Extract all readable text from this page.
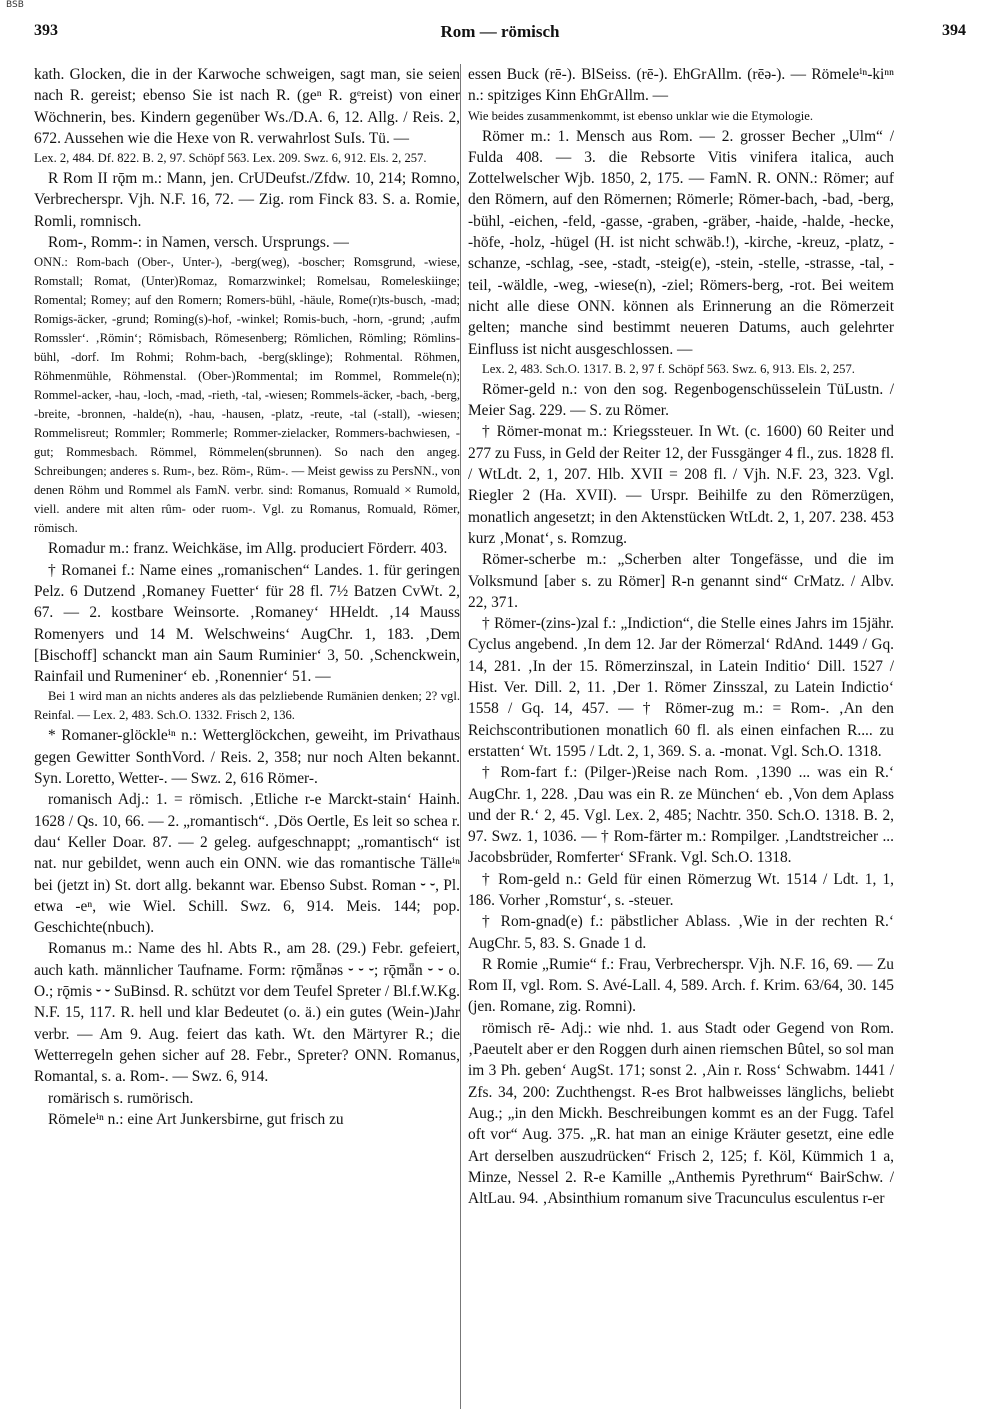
BSB
393	Rom — römisch	394

kath. Glocken, die in der Karwoche schweigen, sagt man, sie seien nach R. gereist; ebenso Sie ist nach R. (geⁿ R. gᵉreist) von einer Wöchnerin, bes. Kindern gegenüber Ws./D.A. 6, 12. Allg. / Reis. 2, 672. Aussehen wie die Hexe von R. verwahrlost SuIs. Tü. —

Lex. 2, 484. Df. 822. B. 2, 97. Schöpf 563. Lex. 209. Swz. 6, 912. Els. 2, 257.

R Rom II rǭm m.: Mann, jen. CrUDeufst./Zfdw. 10, 214; Romno, Verbrecherspr. Vjh. N.F. 16, 72. — Zig. rom Finck 83. S. a. Romie, Romli, romnisch.

Rom-, Romm-: in Namen, versch. Ursprungs. —

ONN.: Rom-bach (Ober-, Unter-), -berg(weg), -boscher; Romsgrund, -wiese, Romstall; Romat, (Unter)Romaz, Romarzwinkel; Romelsau, Romeleskiinge; Romental; Romey; auf den Romern; Romers-bühl, -häule, Rome(r)ts-busch, -mad; Romigs-äcker, -grund; Roming(s)-hof, -winkel; Romis-buch, -horn, -grund; ‚aufm Romssler‘. ‚Römin‘; Römisbach, Römesenberg; Römlichen, Römling; Römlins-bühl, -dorf. Im Rohmi; Rohm-bach, -berg(sklinge); Rohmental. Röhmen, Röhmenmühle, Röhmenstal. (Ober-)Rommental; im Rommel, Rommele(n); Rommel-acker, -hau, -loch, -mad, -rieth, -tal, -wiesen; Rommels-äcker, -bach, -berg, -breite, -bronnen, -halde(n), -hau, -hausen, -platz, -reute, -tal (-stall), -wiesen; Rommelisreut; Rommler; Rommerle; Rommer-zielacker, Rommers-bachwiesen, -gut; Rommesbach. Römmel, Römmelen(sbrunnen). So nach den angeg. Schreibungen; anderes s. Rum-, bez. Röm-, Rüm-. — Meist gewiss zu PersNN., von denen Röhm und Rommel als FamN. verbr. sind: Romanus, Romuald × Rumold, viell. andere mit alten rûm- oder ruom-. Vgl. zu Romanus, Romuald, Römer, römisch.

Romadur m.: franz. Weichkäse, im Allg. produciert Förderr. 403.

† Romanei f.: Name eines „romanischen“ Landes. 1. für geringen Pelz. 6 Dutzend ‚Romaney Fuetter‘ für 28 fl. 7½ Batzen CvWt. 2, 67. — 2. kostbare Weinsorte. ‚Romaney‘ HHeldt. ‚14 Mauss Romenyers und 14 M. Welschweins‘ AugChr. 1, 183. ‚Dem [Bischoff] schanckt man ain Saum Ruminier‘ 3, 50. ‚Schenckwein, Rainfail und Rumeniner‘ eb. ‚Ronennier‘ 51. —

Bei 1 wird man an nichts anderes als das pelzliebende Rumänien denken; 2? vgl. Reinfal. — Lex. 2, 483. Sch.O. 1332. Frisch 2, 136.

* Romaner-glöckleⁱⁿ n.: Wetterglöckchen, geweiht, im Privathaus gegen Gewitter SonthVord. / Reis. 2, 358; nur noch Alten bekannt. Syn. Loretto, Wetter-. — Swz. 2, 616 Römer-.

romanisch Adj.: 1. = römisch. ‚Etliche r-e Marckt-stain‘ Hainh. 1628 / Qs. 10, 66. — 2. „romantisch“. ‚Dös Oertle, Es leit so schea r. dau‘ Keller Doar. 87. — 2 geleg. aufgeschnappt; „romantisch“ ist nat. nur gebildet, wenn auch ein ONN. wie das romantische Tälleⁱⁿ bei (jetzt in) St. dort allg. bekannt war. Ebenso Subst. Roman ⏑ ⏑, Pl. etwa -eⁿ, wie Wiel. Schill. Swz. 6, 914. Meis. 144; pop. Geschichte(nbuch).

Romanus m.: Name des hl. Abts R., am 28. (29.) Febr. gefeiert, auch kath. männlicher Taufname. Form: rǭmǟnǝs ⏑ ⏑ ⏑; rǭmǟn ⏑ ⏑ o. O.; rǭmis ⏑ ⏑ SuBinsd. R. schützt vor dem Teufel Spreter / Bl.f.W.Kg. N.F. 15, 117. R. hell und klar Bedeutet (o. ä.) ein gutes (Wein-)Jahr verbr. — Am 9. Aug. feiert das kath. Wt. den Märtyrer R.; die Wetterregeln gehen sicher auf 28. Febr., Spreter? ONN. Romanus, Romantal, s. a. Rom-. — Swz. 6, 914.

romärisch s. rumörisch.

Römeleⁱⁿ n.: eine Art Junkersbirne, gut frisch zu

essen Buck (rē-). BlSeiss. (rē-). EhGrAllm. (rēǝ-). — Römeleⁱⁿ-kiⁿⁿ n.: spitziges Kinn EhGrAllm. —

Wie beides zusammenkommt, ist ebenso unklar wie die Etymologie.

Römer m.: 1. Mensch aus Rom. — 2. grosser Becher „Ulm“ / Fulda 408. — 3. die Rebsorte Vitis vinifera italica, auch Zottelwelscher Wjb. 1850, 2, 175. — FamN. R. ONN.: Römer; auf den Römern, auf den Römernen; Römerle; Römer-bach, -bad, -berg, -bühl, -eichen, -feld, -gasse, -graben, -gräber, -haide, -halde, -hecke, -höfe, -holz, -hügel (H. ist nicht schwäb.!), -kirche, -kreuz, -platz, -schanze, -schlag, -see, -stadt, -steig(e), -stein, -stelle, -strasse, -tal, -teil, -wäldle, -weg, -wiese(n), -ziel; Römers-berg, -rot. Bei weitem nicht alle diese ONN. können als Erinnerung an die Römerzeit gelten; manche sind bestimmt neueren Datums, auch gelehrter Einfluss ist nicht ausgeschlossen. —

Lex. 2, 483. Sch.O. 1317. B. 2, 97 f. Schöpf 563. Swz. 6, 913. Els. 2, 257.

Römer-geld n.: von den sog. Regenbogenschüsselein TüLustn. / Meier Sag. 229. — S. zu Römer.

† Römer-monat m.: Kriegssteuer. In Wt. (c. 1600) 60 Reiter und 277 zu Fuss, in Geld der Reiter 12, der Fussgänger 4 fl., zus. 1828 fl. / WtLdt. 2, 1, 207. Hlb. XVII = 208 fl. / Vjh. N.F. 23, 323. Vgl. Riegler 2 (Ha. XVII). — Urspr. Beihilfe zu den Römerzügen, monatlich angesetzt; in den Aktenstücken WtLdt. 2, 1, 207. 238. 453 kurz ‚Monat‘, s. Romzug.

Römer-scherbe m.: „Scherben alter Tongefässe, und die im Volksmund [aber s. zu Römer] R-n genannt sind“ CrMatz. / Albv. 22, 371.

† Römer-(zins-)zal f.: „Indiction“, die Stelle eines Jahrs im 15jähr. Cyclus angebend. ‚In dem 12. Jar der Römerzal‘ RdAnd. 1449 / Gq. 14, 281. ‚In der 15. Römerzinszal, in Latein Inditio‘ Dill. 1527 / Hist. Ver. Dill. 2, 11. ‚Der 1. Römer Zinsszal, zu Latein Indictio‘ 1558 / Gq. 14, 457. — † Römer-zug m.: = Rom-. ‚An den Reichscontributionen monatlich 60 fl. als einen einfachen R.... zu erstatten‘ Wt. 1595 / Ldt. 2, 1, 369. S. a. -monat. Vgl. Sch.O. 1318.

† Rom-fart f.: (Pilger-)Reise nach Rom. ‚1390 ... was ein R.‘ AugChr. 1, 228. ‚Dau was ein R. ze München‘ eb. ‚Von dem Aplass und der R.‘ 2, 45. Vgl. Lex. 2, 485; Nachtr. 350. Sch.O. 1318. B. 2, 97. Swz. 1, 1036. — † Rom-färter m.: Rompilger. ‚Landtstreicher ... Jacobsbrüder, Romferter‘ SFrank. Vgl. Sch.O. 1318.

† Rom-geld n.: Geld für einen Römerzug Wt. 1514 / Ldt. 1, 1, 186. Vorher ‚Romstur‘, s. -steuer.

† Rom-gnad(e) f.: päbstlicher Ablass. ‚Wie in der rechten R.‘ AugChr. 5, 83. S. Gnade 1 d.

R Romie „Rumie“ f.: Frau, Verbrecherspr. Vjh. N.F. 16, 69. — Zu Rom II, vgl. Rom. S. Avé-Lall. 4, 589. Arch. f. Krim. 63/64, 30. 145 (jen. Romane, zig. Romni).

römisch rē- Adj.: wie nhd. 1. aus Stadt oder Gegend von Rom. ‚Paeutelt aber er den Roggen durh ainen riemschen Bûtel, so sol man im 3 Ph. geben‘ AugSt. 171; sonst 2. ‚Ain r. Ross‘ Schwabm. 1441 / Zfs. 34, 200: Zuchthengst. R-es Brot halbweisses länglichs, beliebt Aug.; „in den Mickh. Beschreibungen kommt es an der Fugg. Tafel oft vor“ Aug. 375. „R. hat man an einige Kräuter gesetzt, eine edle Art derselben auszudrücken“ Frisch 2, 125; f. Köl, Kümmich 1 a, Minze, Nessel 2. R-e Kamille „Anthemis Pyrethrum“ BairSchw. / AltLau. 94. ‚Absinthium romanum sive Tracunculus esculentus r-er
